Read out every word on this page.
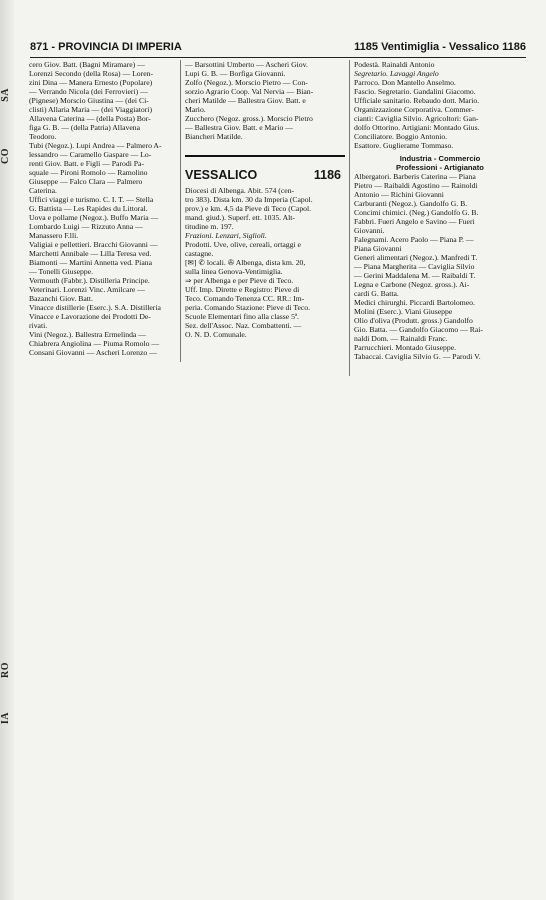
SA
CO
RO
IA
871 - PROVINCIA DI IMPERIA	1185 Ventimiglia - Vessalico 1186

cero Giov. Batt. (Bagni Miramare) —

Lorenzi Secondo (della Rosa) — Loren-

zini Dina — Manera Ernesto (Popolare)

— Verrando Nicola (dei Ferrovieri) —

(Pignese) Morscio Giustina — (dei Ci-

clisti) Allaria Maria — (dei Viaggiatori)

Allavena Caterina — (della Posta) Bor-

figa G. B. — (della Patria) Allavena

Teodoro.

Tubi (Negoz.). Lupi Andrea — Palmero A-

lessandro — Caramello Gaspare — Lo-

renti Giov. Batt. e Figli — Parodi Pa-

squale — Pironi Romolo — Ramolino

Giuseppe — Falco Clara — Palmero

Caterina.

Uffici viaggi e turismo. C. I. T. — Stella

G. Battista — Les Rapides du Littoral.

Uova e pollame (Negoz.). Buffo Maria —

Lombardo Luigi — Rizzuto Anna —

Manassero F.lli.

Valigiai e pellettieri. Bracchi Giovanni —

Marchetti Annibale — Lilla Teresa ved.

Biamonti — Martini Annetta ved. Piana

— Tonelli Giuseppe.

Vermouth (Fabbr.). Distilleria Principe.

Veterinari. Lorenzi Vinc. Amilcare —

Bazanchi Giov. Batt.

Vinacce distillerie (Eserc.). S.A. Distilleria

Vinacce e Lavorazione dei Prodotti De-

rivati.

Vini (Negoz.). Ballestra Ermelinda —

Chiabrera Angiolina — Piuma Romolo —

Consani Giovanni — Ascheri Lorenzo —

— Barsottini Umberto — Ascheri Giov.

Lupi G. B. — Borfiga Giovanni.

Zolfo (Negoz.). Morscio Pietro — Con-

sorzio Agrario Coop. Val Nervia — Bian-

cheri Matilde — Ballestra Giov. Batt. e

Mario.

Zucchero (Negoz. gross.). Morscio Pietro

— Ballestra Giov. Batt. e Mario —

Biancheri Matilde.

VESSALICO	1186

Diocesi di Albenga. Abit. 574 (cen-

tro 383). Dista km. 30 da Imperia (Capol.

prov.) e km. 4,5 da Pieve di Teco (Capol.

mand. giud.). Superf. ett. 1035. Alt-

titudine m. 197.

Frazioni. Lenzari, Sigliolì.

Prodotti. Uve, olive, cereali, ortaggi e

castagne.

[✉] ✆ locali. ✇ Albenga, dista km. 20,

sulla linea Genova-Ventimiglia.

⇒ per Albenga e per Pieve di Teco.

Uff. Imp. Dirette e Registro: Pieve di

Teco. Comando Tenenza CC. RR.: Im-

peria. Comando Stazione: Pieve di Teco.

Scuole Elementari fino alla classe 5ª.

Sez. dell'Assoc. Naz. Combattenti. —

O. N. D. Comunale.

Podestà. Rainaldi Antonio

Segretario. Lavaggi Angelo

Parroco. Don Mantello Anselmo.

Fascio. Segretario. Gandalini Giacomo.

Ufficiale sanitario. Rebaudo dott. Mario.

Organizzazione Corporativa. Commer-

cianti: Caviglia Silvio. Agricoltori: Gan-

dolfo Ottorino. Artigiani: Montado Gius.

Conciliatore. Boggio Antonio.

Esattore. Guglierame Tommaso.

Industria - Commercio
Professioni - Artigianato

Albergatori. Barberis Caterina — Piana

Pietro — Raibaldi Agostino — Rainoldi

Antonio — Richini Giovanni

Carburanti (Negoz.). Gandolfo G. B.

Concimi chimici. (Neg.) Gandolfo G. B.

Fabbri. Fueri Angelo e Savino — Fueri

Giovanni.

Falegnami. Acero Paolo — Piana P. —

Piana Giovanni

Generi alimentari (Negoz.). Manfredi T.

— Piana Margherita — Caviglia Silvio

— Gerini Maddalena M. — Raibaldi T.

Legna e Carbone (Negoz. gross.). Ai-

cardi G. Batta.

Medici chirurghi. Piccardi Bartolomeo.

Molini (Eserc.). Viani Giuseppe

Olio d'oliva (Produtt. gross.) Gandolfo

Gio. Batta. — Gandolfo Giacomo — Rai-

naldi Dom. — Rainaldi Franc.

Parrucchieri. Montado Giuseppe.

Tabaccai. Caviglia Silvio G. — Parodi V.
